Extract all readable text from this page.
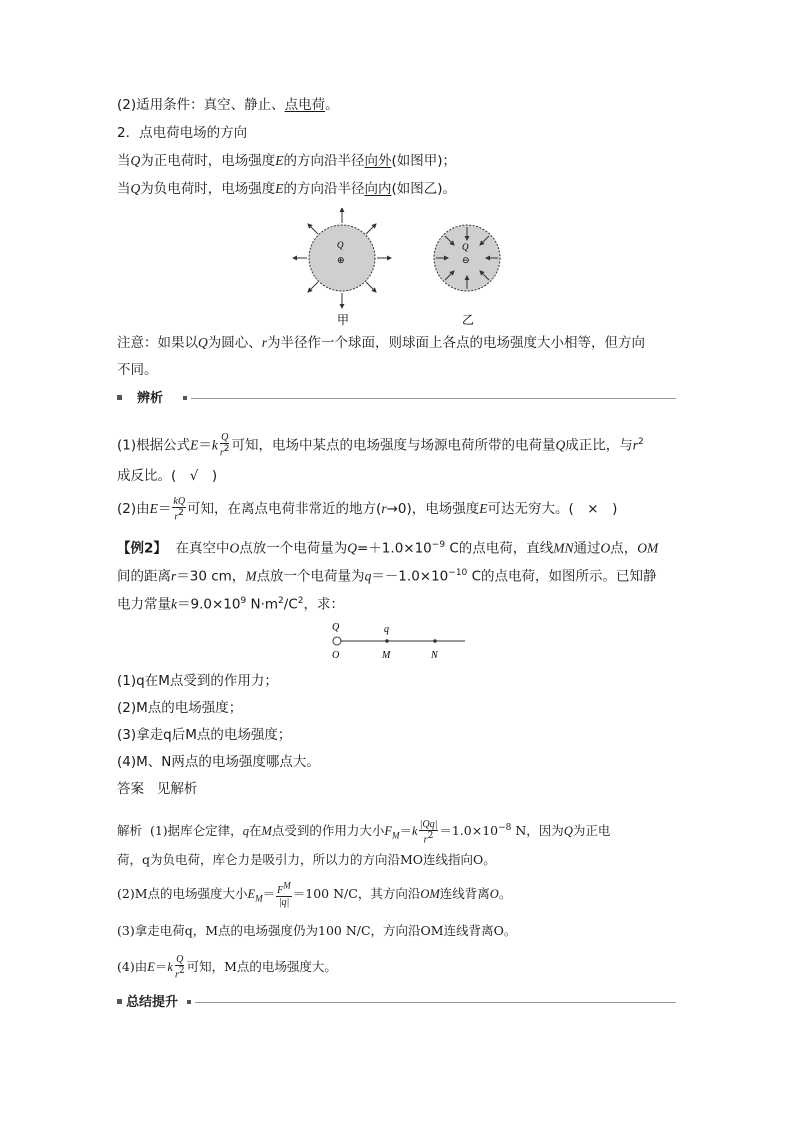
(2)适用条件：真空、静止、点电荷。
2．点电荷电场的方向
当Q为正电荷时，电场强度E的方向沿半径向外(如图甲)；
当Q为负电荷时，电场强度E的方向沿半径向内(如图乙)。
Q
⊕
Q
⊖
甲	乙
注意：如果以Q为圆心、r为半径作一个球面，则球面上各点的电场强度大小相等，但方向
不同。
辨析
(1)根据公式$E=k \frac{Q}{r^2}$ 可知，电场中某点的电场强度与场源电荷所带的电荷量Q成正比，与$r^2$
成反比。(　√　)
(2)由$E= \frac{kQ}{r^2}$ 可知，在离点电荷非常近的地方(r→0)，电场强度E可达无穷大。(　×　)
【例2】 在真空中O点放一个电荷量为$Q=+1.0\times 10^{-9}$ C的点电荷，直线MN通过O点，OM
间的距离r＝30 cm，M点放一个电荷量为$q=-1.0\times 10^{-10}$ C的点电荷，如图所示。已知静
电力常量$k=9.0\times 10^9$ $N\cdot m^2/C^2$，求：
Q
O
q
M	N
(1)q在M点受到的作用力；
(2)M点的电场强度；
(3)拿走q后M点的电场强度；
(4)M、N两点的电场强度哪点大。
答案 见解析
解析 (1)据库仑定律，q在M点受到的作用力大小$F_M=k \frac{|Qq|}{r^2} =1.0\times 10^{-8}$ N，因为Q为正电
荷，q为负电荷，库仑力是吸引力，所以力的方向沿MO连线指向O。
(2)M点的电场强度大小$E_M= \frac{F^M}{|q|} =100$ N/C，其方向沿OM连线背离O。
(3)拿走电荷q，M点的电场强度仍为100 N/C，方向沿OM连线背离O。
(4)由$E=k \frac{Q}{r^2}$ 可知，M点的电场强度大。
总结提升
